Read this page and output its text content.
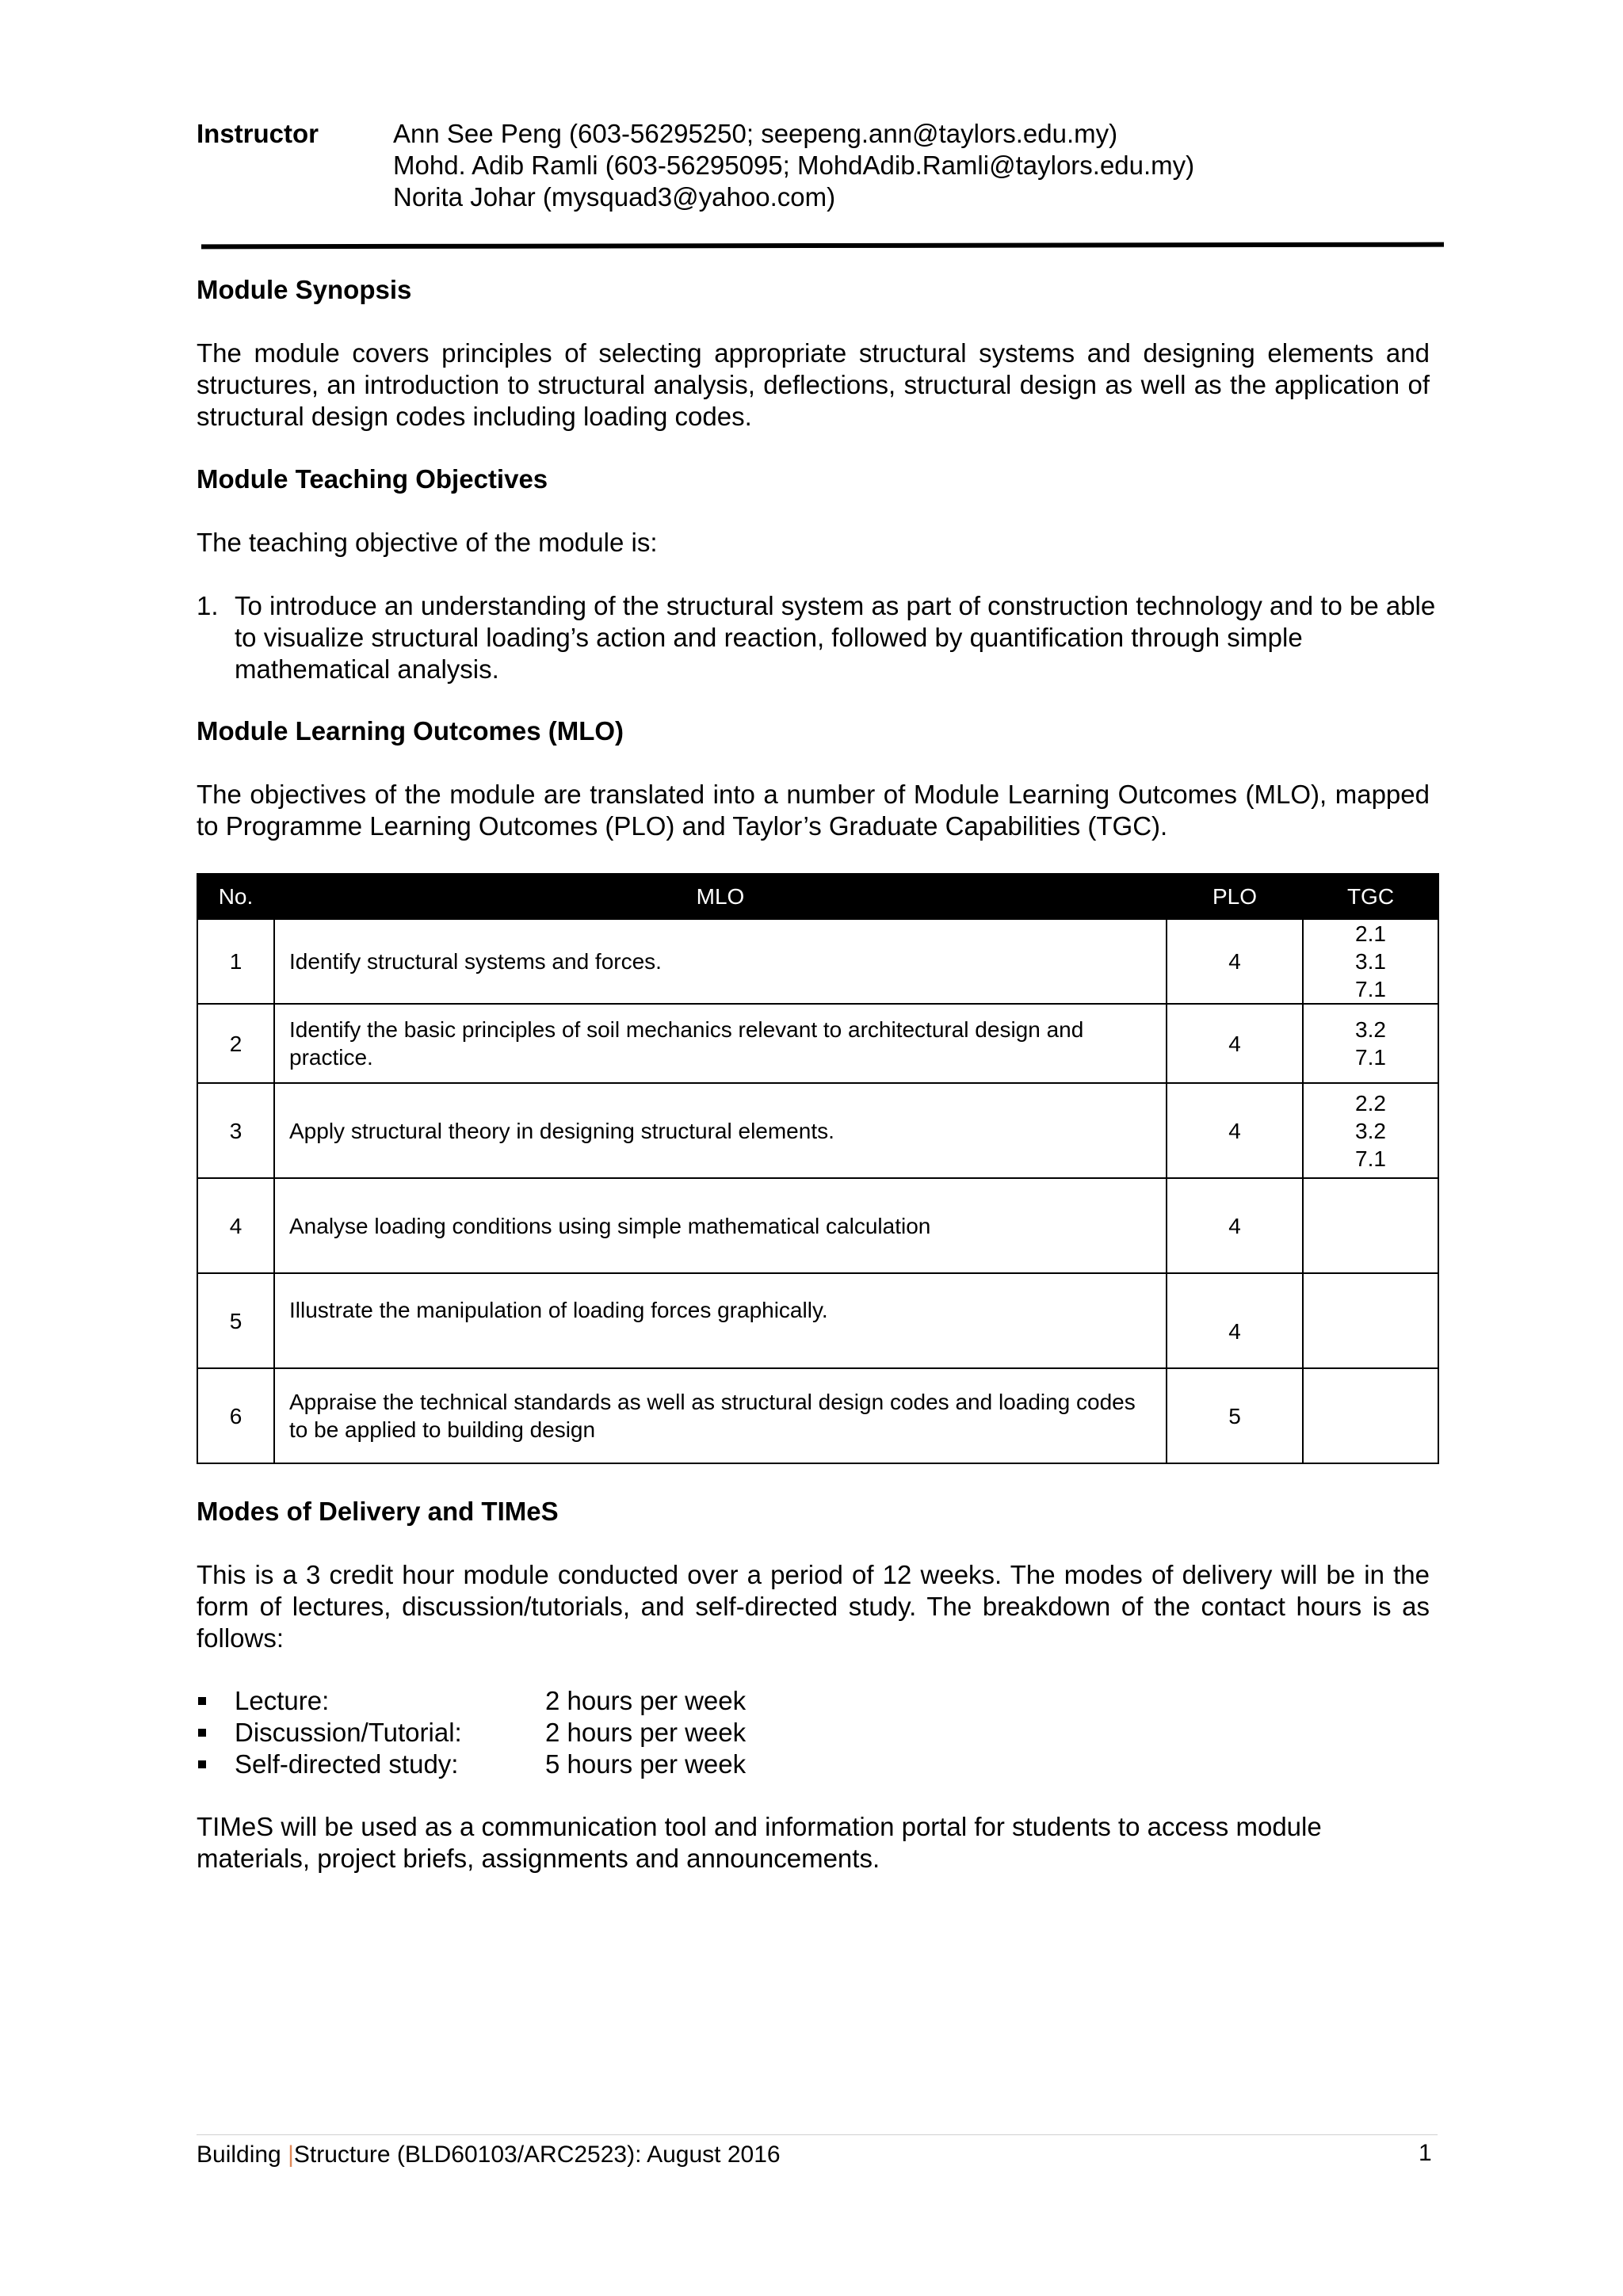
Instructor	Ann See Peng (603-56295250; seepeng.ann@taylors.edu.my)
Mohd. Adib Ramli (603-56295095; MohdAdib.Ramli@taylors.edu.my)
Norita Johar (mysquad3@yahoo.com)
Module Synopsis
The module covers principles of selecting appropriate structural systems and designing elements and structures, an introduction to structural analysis, deflections, structural design as well as the application of structural design codes including loading codes.
Module Teaching Objectives
The teaching objective of the module is:
1. To introduce an understanding of the structural system as part of construction technology and to be able to visualize structural loading’s action and reaction, followed by quantification through simple mathematical analysis.
Module Learning Outcomes (MLO)
The objectives of the module are translated into a number of Module Learning Outcomes (MLO), mapped to Programme Learning Outcomes (PLO) and Taylor’s Graduate Capabilities (TGC).
No.	MLO	PLO	TGC
1	Identify structural systems and forces.	4	2.1
3.1
7.1

2	Identify the basic principles of soil mechanics relevant to architectural design and practice.	4	3.2
7.1

3	Apply structural theory in designing structural elements.	4	2.2
3.2
7.1

4	Analyse loading conditions using simple mathematical calculation	4	
5	Illustrate the manipulation of loading forces graphically.	4	
6	Appraise the technical standards as well as structural design codes and loading codes to be applied to building design	5	
Modes of Delivery and TIMeS
This is a 3 credit hour module conducted over a period of 12 weeks. The modes of delivery will be in the form of lectures, discussion/tutorials, and self-directed study. The breakdown of the contact hours is as follows:
Lecture:	2 hours per week
Discussion/Tutorial:	2 hours per week
Self-directed study:	5 hours per week
TIMeS will be used as a communication tool and information portal for students to access module materials, project briefs, assignments and announcements.
Building |Structure (BLD60103/ARC2523): August 2016	1
